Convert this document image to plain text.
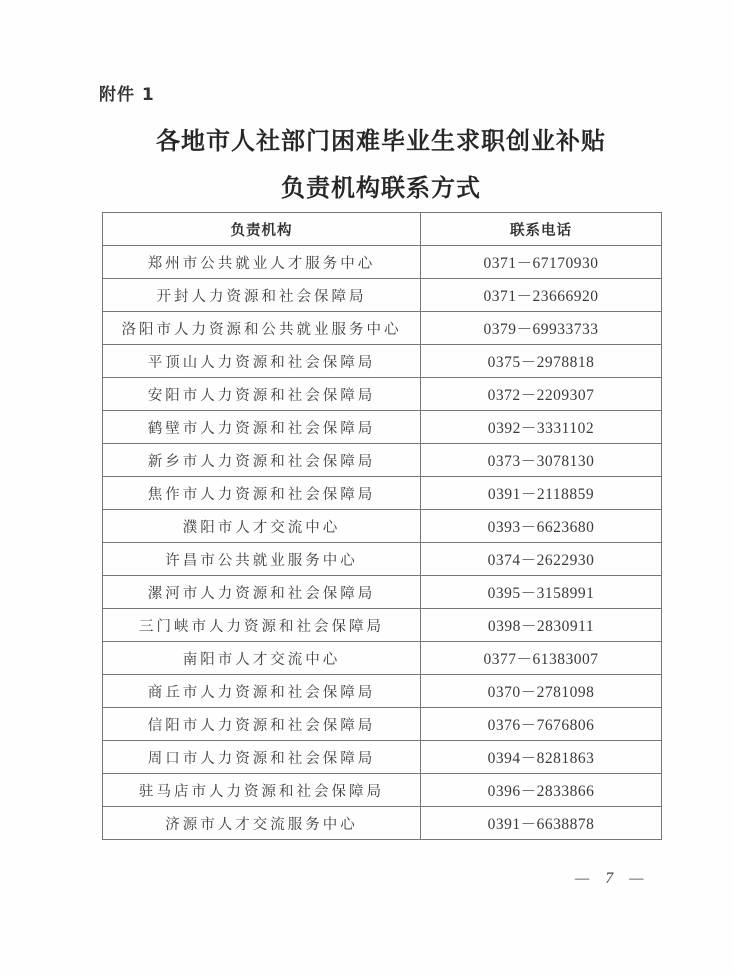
附件 1
各地市人社部门困难毕业生求职创业补贴
负责机构联系方式
负责机构	联系电话
郑州市公共就业人才服务中心	0371－67170930
开封人力资源和社会保障局	0371－23666920
洛阳市人力资源和公共就业服务中心	0379－69933733
平顶山人力资源和社会保障局	0375－2978818
安阳市人力资源和社会保障局	0372－2209307
鹤壁市人力资源和社会保障局	0392－3331102
新乡市人力资源和社会保障局	0373－3078130
焦作市人力资源和社会保障局	0391－2118859
濮阳市人才交流中心	0393－6623680
许昌市公共就业服务中心	0374－2622930
漯河市人力资源和社会保障局	0395－3158991
三门峡市人力资源和社会保障局	0398－2830911
南阳市人才交流中心	0377－61383007
商丘市人力资源和社会保障局	0370－2781098
信阳市人力资源和社会保障局	0376－7676806
周口市人力资源和社会保障局	0394－8281863
驻马店市人力资源和社会保障局	0396－2833866
济源市人才交流服务中心	0391－6638878
— 7 —
